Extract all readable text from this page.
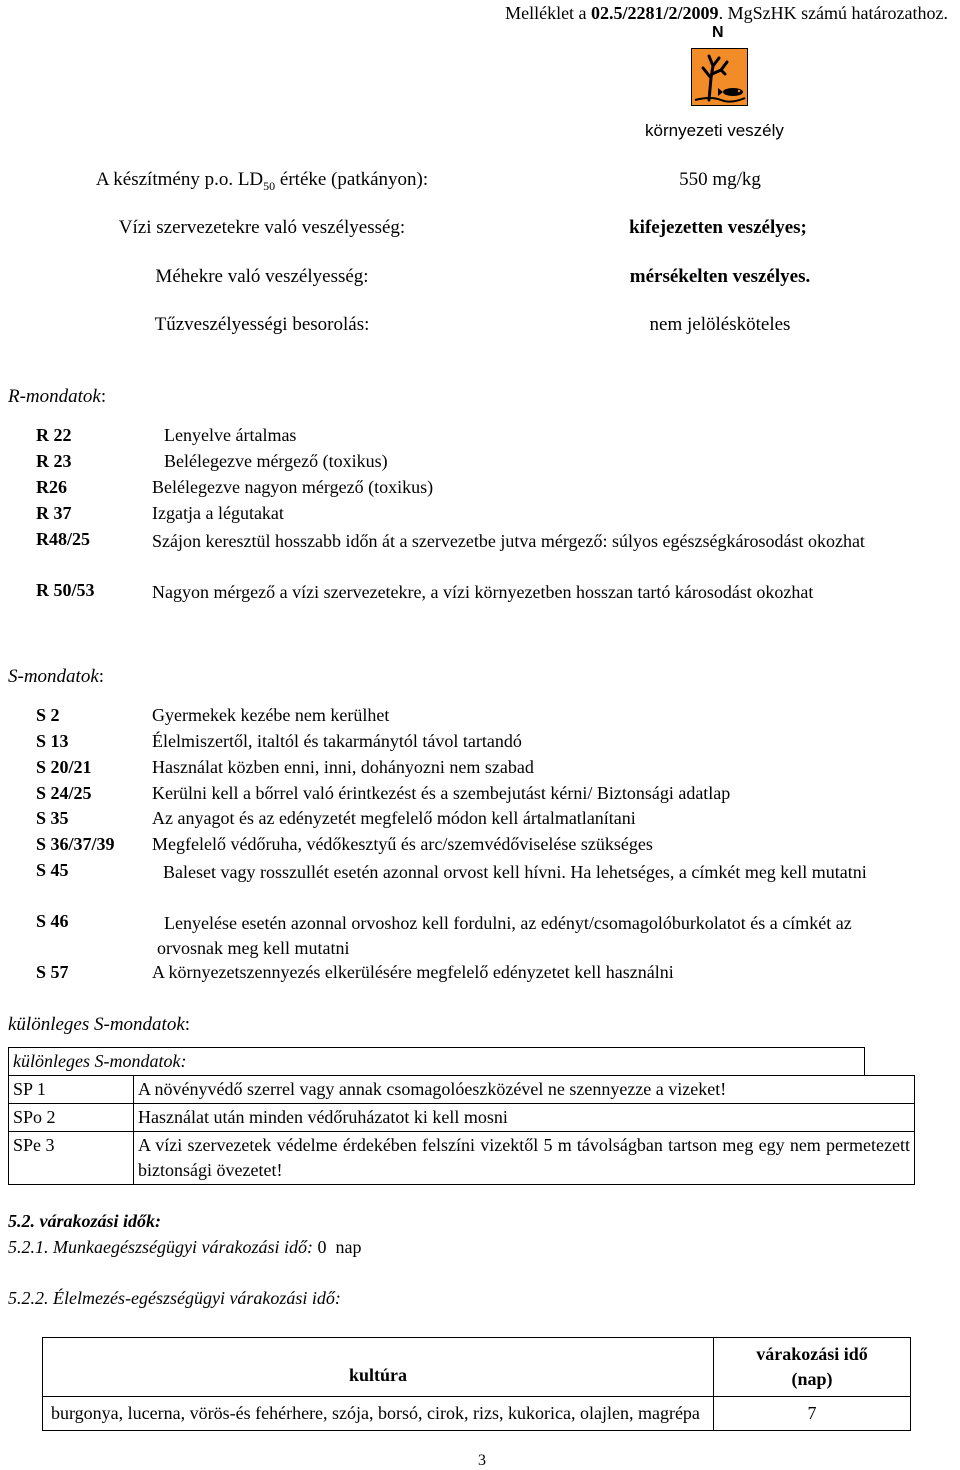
Melléklet a 02.5/2281/2/2009. MgSzHK számú határozathoz.
N
környezeti veszély
A készítmény p.o. $LD_{50}$ értéke (patkányon):	550 mg/kg
Vízi szervezetekre való veszélyesség:	kifejezetten veszélyes;
Méhekre való veszélyesség:	mérsékelten veszélyes.
Tűzveszélyességi besorolás:	nem jelölésköteles
R-mondatok:
R 22	Lenyelve ártalmas
R 23	Belélegezve mérgező (toxikus)
R26	Belélegezve nagyon mérgező (toxikus)
R 37	Izgatja a légutakat
R48/25	Szájon keresztül hosszabb időn át a szervezetbe jutva mérgező: súlyos egészségkárosodást okozhat
R 50/53	Nagyon mérgező a vízi szervezetekre, a vízi környezetben hosszan tartó károsodást okozhat
S-mondatok:
S 2	Gyermekek kezébe nem kerülhet
S 13	Élelmiszertől, italtól és takarmánytól távol tartandó
S 20/21	Használat közben enni, inni, dohányozni nem szabad
S 24/25	Kerülni kell a bőrrel való érintkezést és a szembejutást kérni/ Biztonsági adatlap
S 35	Az anyagot és az edényzetét megfelelő módon kell ártalmatlanítani
S 36/37/39 Megfelelő védőruha, védőkesztyű és arc/szemvédőviselése szükséges
S 45	Baleset vagy rosszullét esetén azonnal orvost kell hívni. Ha lehetséges, a címkét meg kell mutatni
S 46	Lenyelése esetén azonnal orvoshoz kell fordulni, az edényt/csomagolóburkolatot és a címkét az orvosnak meg kell mutatni
S 57	A környezetszennyezés elkerülésére megfelelő edényzetet kell használni
különleges S-mondatok:
különleges S-mondatok:		
SP 1	A növényvédő szerrel vagy annak csomagolóeszközével ne szennyezze a vizeket!	
SPo 2	Használat után minden védőruházatot ki kell mosni	
SPe 3	A vízi szervezetek védelme érdekében felszíni vizektől 5 m távolságban tartson meg egy nem permetezett biztonsági övezetet!	
5.2. várakozási idők:
5.2.1. Munkaegészségügyi várakozási idő: 0  nap
5.2.2. Élelmezés-egészségügyi várakozási idő:
kultúra	várakozási idő
(nap)

burgonya, lucerna, vörös-és fehérhere, szója, borsó, cirok, rizs, kukorica, olajlen, magrépa	7
3
